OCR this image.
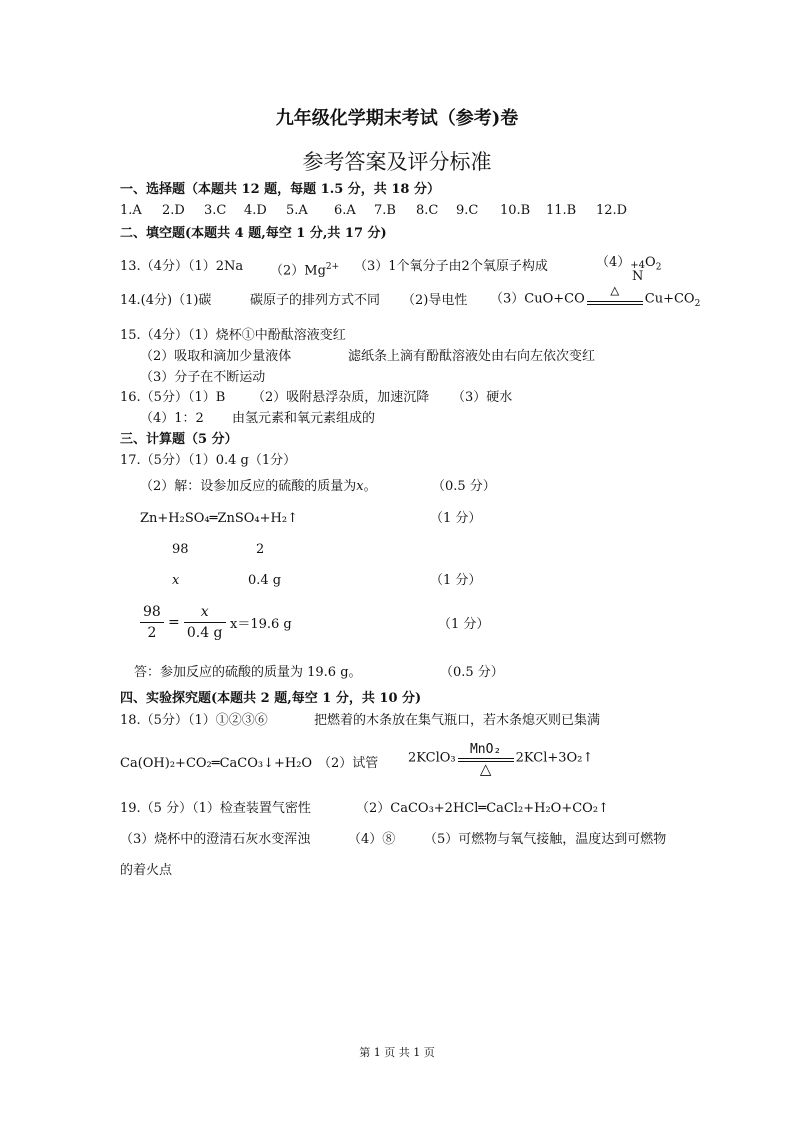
九年级化学期末考试（参考)卷
参考答案及评分标准
一、选择题（本题共 12 题，每题 1.5 分，共 18 分）
1.A 2.D 3.C 4.D 5.A 6.A 7.B 8.C 9.C 10.B 11.B 12.D
二、填空题(本题共 4 题,每空 1 分,共 17 分)
13.（4分）（1）2Na $(2)Mg^{2+}$ （3）1个氧分子由2个氧原子构成	（4） +4
$NO_2$
14.(4分)（1)碳	碳原子的排列方式不同 （2)导电性 （3）CuO+CO	△	$Cu+CO_2$
15.（4分）（1）烧杯①中酚酞溶液变红
（2）吸取和滴加少量液体	滤纸条上滴有酚酞溶液处由右向左依次变红
（3）分子在不断运动
16.（5分）（1）B （2）吸附悬浮杂质，加速沉降 （3）硬水
（4）1：2 由氢元素和氧元素组成的
三、计算题（5 分）
17.（5分）（1）0.4 g（1分）
（2）解：设参加反应的硫酸的质量为x。	（0.5 分）
Zn+H₂SO₄═ZnSO₄+H₂↑	（1 分）
98	2
x	0.4 g	（1 分）
$\frac{98}{2} = \frac{x}{0.4 g} x=19.6$ g	（1 分）
答：参加反应的硫酸的质量为 19.6 g。	（0.5 分）
四、实验探究题(本题共 2 题,每空 1 分，共 10 分)
18.（5分）（1）①②③⑥	把燃着的木条放在集气瓶口，若木条熄灭则已集满
Ca(OH)₂+CO₂═CaCO₃↓+H₂O （2）试管 2KClO₃
MnO₂
△
2KCl+3O₂↑
19.（5 分）（1）检查装置气密性	（2）CaCO₃+2HCl═CaCl₂+H₂O+CO₂↑
（3）烧杯中的澄清石灰水变浑浊	（4）⑧ （5）可燃物与氧气接触，温度达到可燃物
的着火点
第 1 页 共 1 页
